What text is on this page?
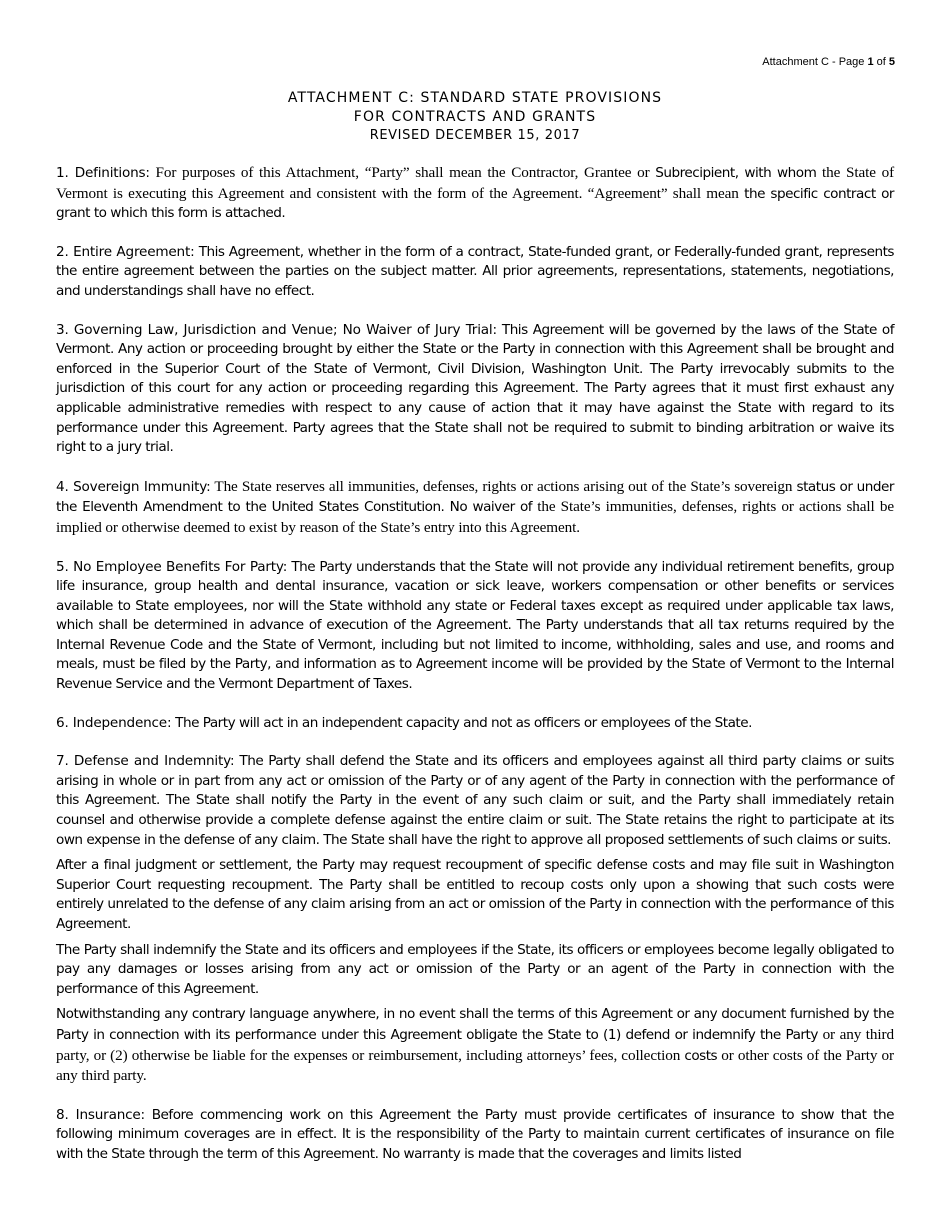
Attachment C - Page 1 of 5
ATTACHMENT C: STANDARD STATE PROVISIONS
FOR CONTRACTS AND GRANTS
REVISED DECEMBER 15, 2017

1. Definitions: For purposes of this Attachment, “Party” shall mean the Contractor, Grantee or Subrecipient, with whom the State of Vermont is executing this Agreement and consistent with the form of the Agreement. “Agreement” shall mean the specific contract or grant to which this form is attached.

2. Entire Agreement: This Agreement, whether in the form of a contract, State-funded grant, or Federally-funded grant, represents the entire agreement between the parties on the subject matter. All prior agreements, representations, statements, negotiations, and understandings shall have no effect.

3. Governing Law, Jurisdiction and Venue; No Waiver of Jury Trial: This Agreement will be governed by the laws of the State of Vermont. Any action or proceeding brought by either the State or the Party in connection with this Agreement shall be brought and enforced in the Superior Court of the State of Vermont, Civil Division, Washington Unit. The Party irrevocably submits to the jurisdiction of this court for any action or proceeding regarding this Agreement. The Party agrees that it must first exhaust any applicable administrative remedies with respect to any cause of action that it may have against the State with regard to its performance under this Agreement. Party agrees that the State shall not be required to submit to binding arbitration or waive its right to a jury trial.

4. Sovereign Immunity: The State reserves all immunities, defenses, rights or actions arising out of the State’s sovereign status or under the Eleventh Amendment to the United States Constitution. No waiver of the State’s immunities, defenses, rights or actions shall be implied or otherwise deemed to exist by reason of the State’s entry into this Agreement.

5. No Employee Benefits For Party: The Party understands that the State will not provide any individual retirement benefits, group life insurance, group health and dental insurance, vacation or sick leave, workers compensation or other benefits or services available to State employees, nor will the State withhold any state or Federal taxes except as required under applicable tax laws, which shall be determined in advance of execution of the Agreement. The Party understands that all tax returns required by the Internal Revenue Code and the State of Vermont, including but not limited to income, withholding, sales and use, and rooms and meals, must be filed by the Party, and information as to Agreement income will be provided by the State of Vermont to the Internal Revenue Service and the Vermont Department of Taxes.

6. Independence: The Party will act in an independent capacity and not as officers or employees of the State.

7. Defense and Indemnity: The Party shall defend the State and its officers and employees against all third party claims or suits arising in whole or in part from any act or omission of the Party or of any agent of the Party in connection with the performance of this Agreement. The State shall notify the Party in the event of any such claim or suit, and the Party shall immediately retain counsel and otherwise provide a complete defense against the entire claim or suit. The State retains the right to participate at its own expense in the defense of any claim. The State shall have the right to approve all proposed settlements of such claims or suits.

After a final judgment or settlement, the Party may request recoupment of specific defense costs and may file suit in Washington Superior Court requesting recoupment. The Party shall be entitled to recoup costs only upon a showing that such costs were entirely unrelated to the defense of any claim arising from an act or omission of the Party in connection with the performance of this Agreement.

The Party shall indemnify the State and its officers and employees if the State, its officers or employees become legally obligated to pay any damages or losses arising from any act or omission of the Party or an agent of the Party in connection with the performance of this Agreement.

Notwithstanding any contrary language anywhere, in no event shall the terms of this Agreement or any document furnished by the Party in connection with its performance under this Agreement obligate the State to (1) defend or indemnify the Party or any third party, or (2) otherwise be liable for the expenses or reimbursement, including attorneys’ fees, collection costs or other costs of the Party or any third party.

8. Insurance: Before commencing work on this Agreement the Party must provide certificates of insurance to show that the following minimum coverages are in effect. It is the responsibility of the Party to maintain current certificates of insurance on file with the State through the term of this Agreement. No warranty is made that the coverages and limits listed
